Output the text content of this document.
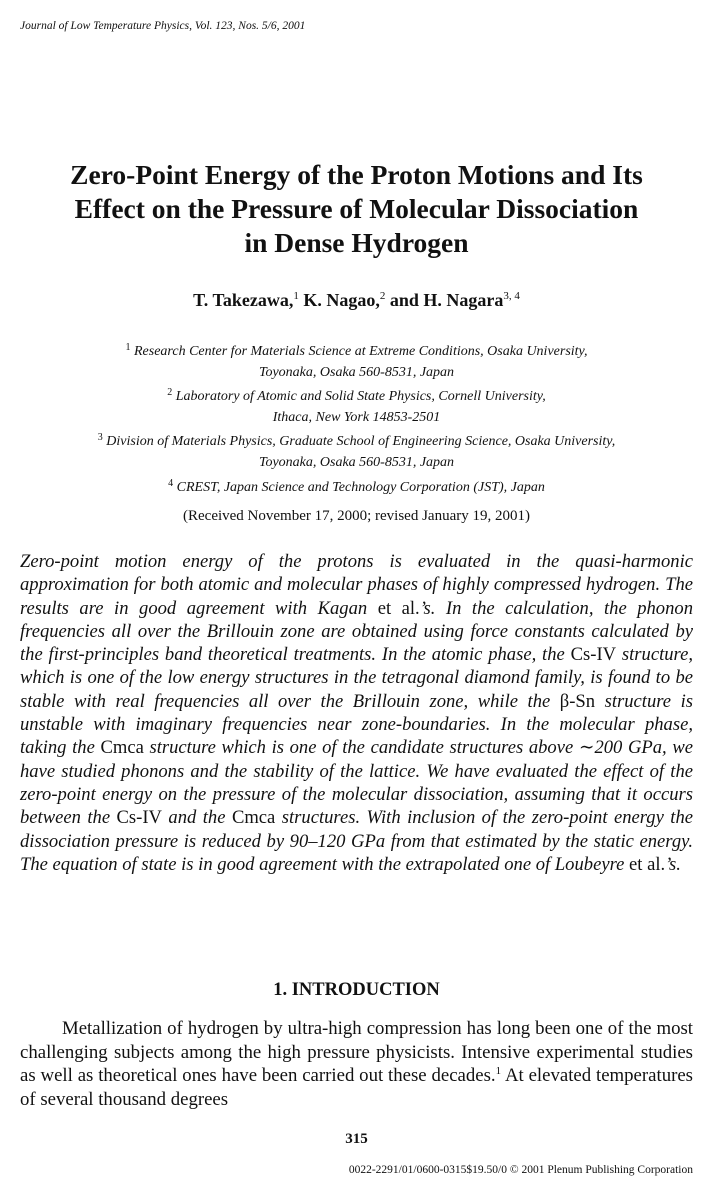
Journal of Low Temperature Physics, Vol. 123, Nos. 5/6, 2001
Zero-Point Energy of the Proton Motions and Its
Effect on the Pressure of Molecular Dissociation
in Dense Hydrogen
T. Takezawa,$^1$ K. Nagao,$^2$ and H. Nagara$^{3, 4}$
$^1$ Research Center for Materials Science at Extreme Conditions, Osaka University,
Toyonaka, Osaka 560-8531, Japan
$^2$ Laboratory of Atomic and Solid State Physics, Cornell University,
Ithaca, New York 14853-2501
$^3$ Division of Materials Physics, Graduate School of Engineering Science, Osaka University,
Toyonaka, Osaka 560-8531, Japan
$^4$ CREST, Japan Science and Technology Corporation (JST), Japan
(Received November 17, 2000; revised January 19, 2001)
Zero-point motion energy of the protons is evaluated in the quasi-harmonic approximation for both atomic and molecular phases of highly compressed hydrogen. The results are in good agreement with Kagan et al.’s. In the calculation, the phonon frequencies all over the Brillouin zone are obtained using force constants calculated by the first-principles band theoretical treatments. In the atomic phase, the Cs-IV structure, which is one of the low energy structures in the tetragonal diamond family, is found to be stable with real frequencies all over the Brillouin zone, while the β-Sn structure is unstable with imaginary frequencies near zone-boundaries. In the molecular phase, taking the Cmca structure which is one of the candidate structures above ∼200 GPa, we have studied phonons and the stability of the lattice. We have evaluated the effect of the zero-point energy on the pressure of the molecular dissociation, assuming that it occurs between the Cs-IV and the Cmca structures. With inclusion of the zero-point energy the dissociation pressure is reduced by 90–120 GPa from that estimated by the static energy. The equation of state is in good agreement with the extrapolated one of Loubeyre et al.’s.
1. INTRODUCTION
Metallization of hydrogen by ultra-high compression has long been one of the most challenging subjects among the high pressure physicists. Intensive experimental studies as well as theoretical ones have been carried out these decades.$^1$ At elevated temperatures of several thousand degrees
315
0022-2291/01/0600-0315$19.50/0 © 2001 Plenum Publishing Corporation
